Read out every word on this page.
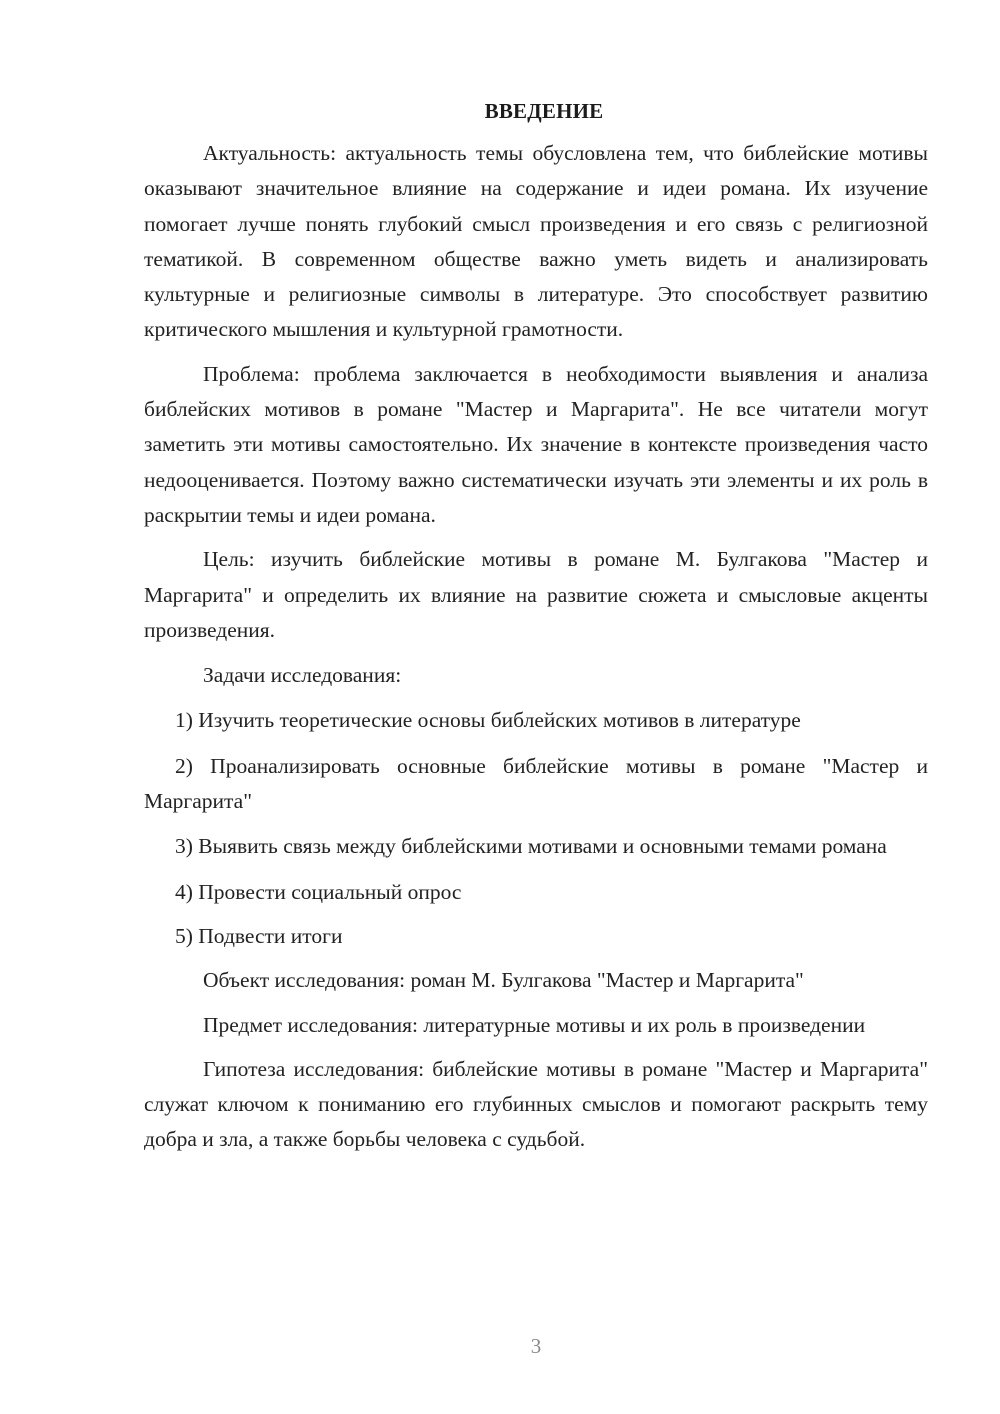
ВВЕДЕНИЕ

Актуальность: актуальность темы обусловлена тем, что библейские мотивы оказывают значительное влияние на содержание и идеи романа. Их изучение помогает лучше понять глубокий смысл произведения и его связь с религиозной тематикой. В современном обществе важно уметь видеть и анализировать культурные и религиозные символы в литературе. Это способствует развитию критического мышления и культурной грамотности.

Проблема: проблема заключается в необходимости выявления и анализа библейских мотивов в романе "Мастер и Маргарита". Не все читатели могут заметить эти мотивы самостоятельно. Их значение в контексте произведения часто недооценивается. Поэтому важно систематически изучать эти элементы и их роль в раскрытии темы и идеи романа.

Цель: изучить библейские мотивы в романе М. Булгакова "Мастер и Маргарита" и определить их влияние на развитие сюжета и смысловые акценты произведения.

Задачи исследования:

1) Изучить теоретические основы библейских мотивов в литературе

2) Проанализировать основные библейские мотивы в романе "Мастер и Маргарита"

3) Выявить связь между библейскими мотивами и основными темами романа

4) Провести социальный опрос

5) Подвести итоги

Объект исследования: роман М. Булгакова "Мастер и Маргарита"

Предмет исследования: литературные мотивы и их роль в произведении

Гипотеза исследования: библейские мотивы в романе "Мастер и Маргарита" служат ключом к пониманию его глубинных смыслов и помогают раскрыть тему добра и зла, а также борьбы человека с судьбой.

3
